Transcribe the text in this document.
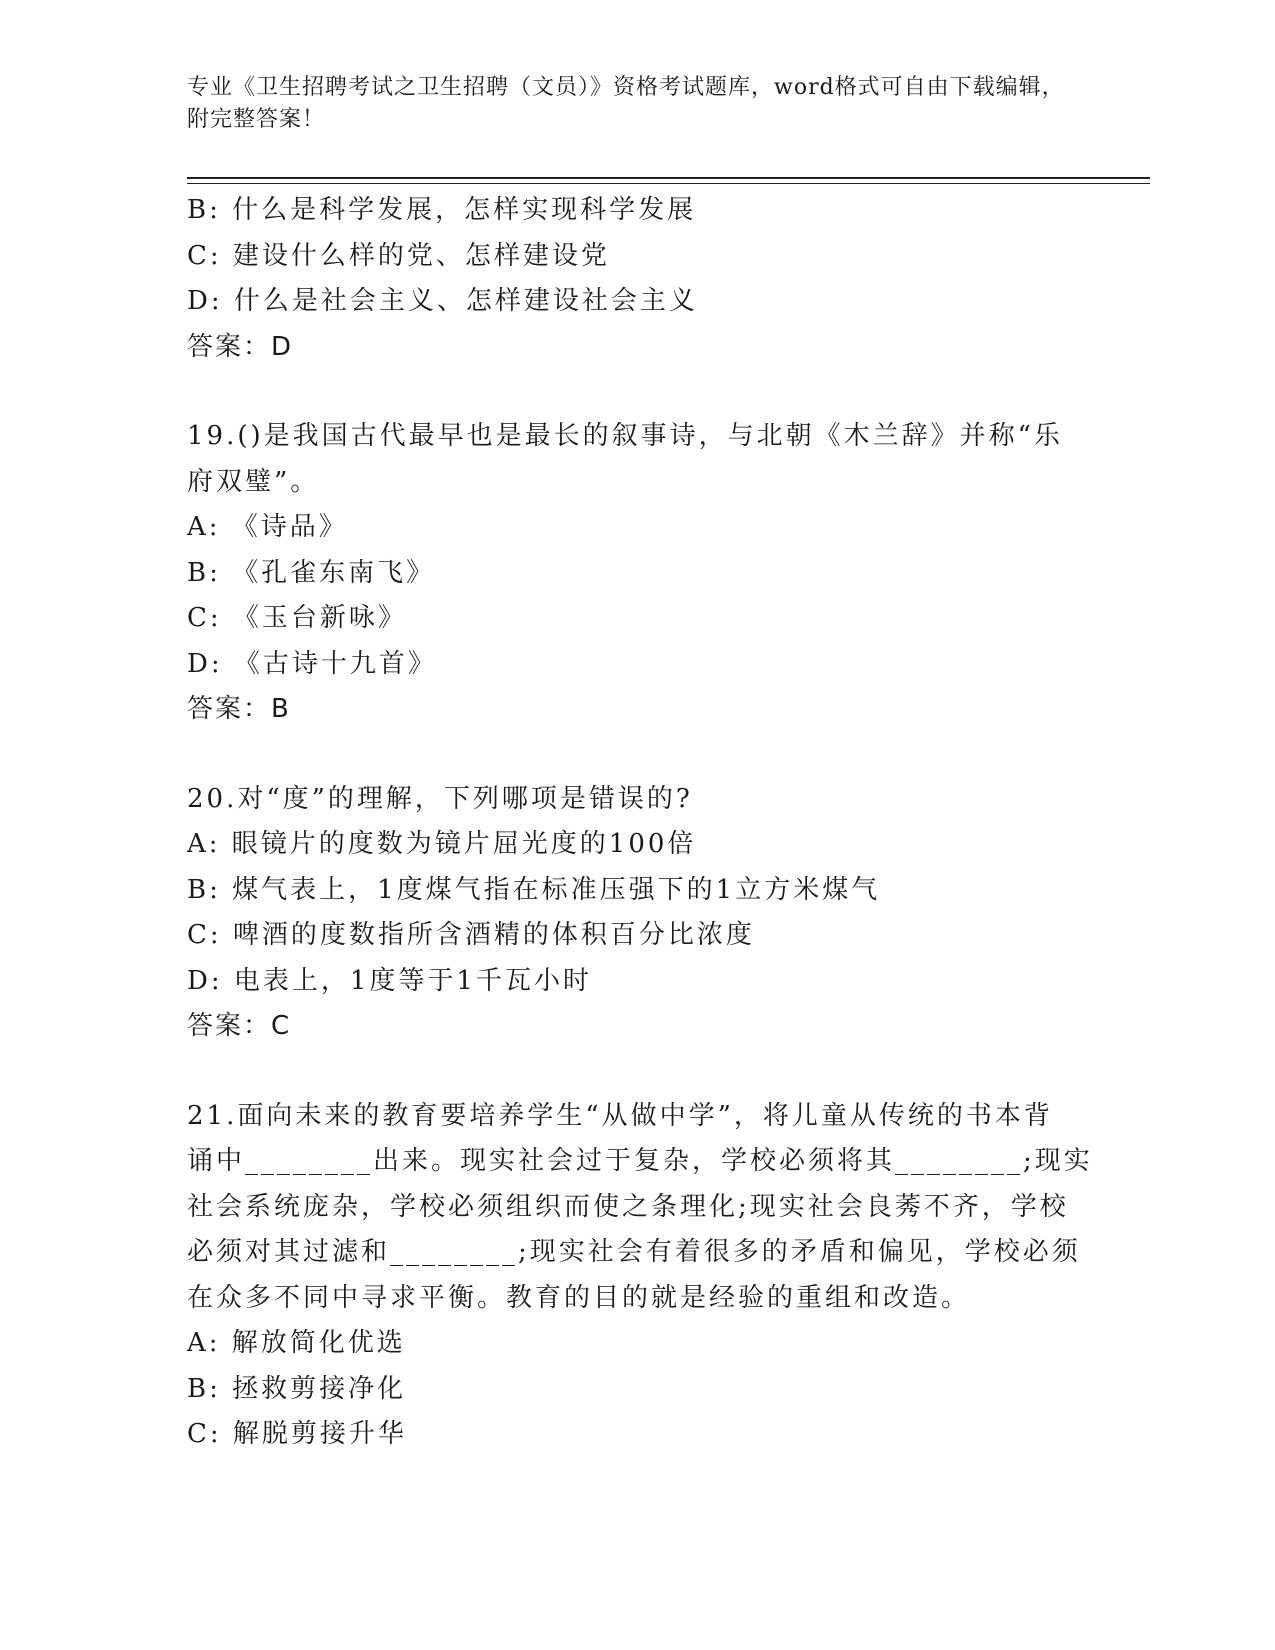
专业《卫生招聘考试之卫生招聘（文员）》资格考试题库，word格式可自由下载编辑，附完整答案！
B: 什么是科学发展，怎样实现科学发展
C: 建设什么样的党、怎样建设党
D: 什么是社会主义、怎样建设社会主义
答案：D
19.()是我国古代最早也是最长的叙事诗，与北朝《木兰辞》并称“乐
府双璧”。
A: 《诗品》
B: 《孔雀东南飞》
C: 《玉台新咏》
D: 《古诗十九首》
答案：B
20.对“度”的理解，下列哪项是错误的?
A: 眼镜片的度数为镜片屈光度的100倍
B: 煤气表上，1度煤气指在标准压强下的1立方米煤气
C: 啤酒的度数指所含酒精的体积百分比浓度
D: 电表上，1度等于1千瓦小时
答案：C
21.面向未来的教育要培养学生“从做中学”，将儿童从传统的书本背
诵中________出来。现实社会过于复杂，学校必须将其________;现实
社会系统庞杂，学校必须组织而使之条理化;现实社会良莠不齐，学校
必须对其过滤和________;现实社会有着很多的矛盾和偏见，学校必须
在众多不同中寻求平衡。教育的目的就是经验的重组和改造。
A: 解放简化优选
B: 拯救剪接净化
C: 解脱剪接升华
